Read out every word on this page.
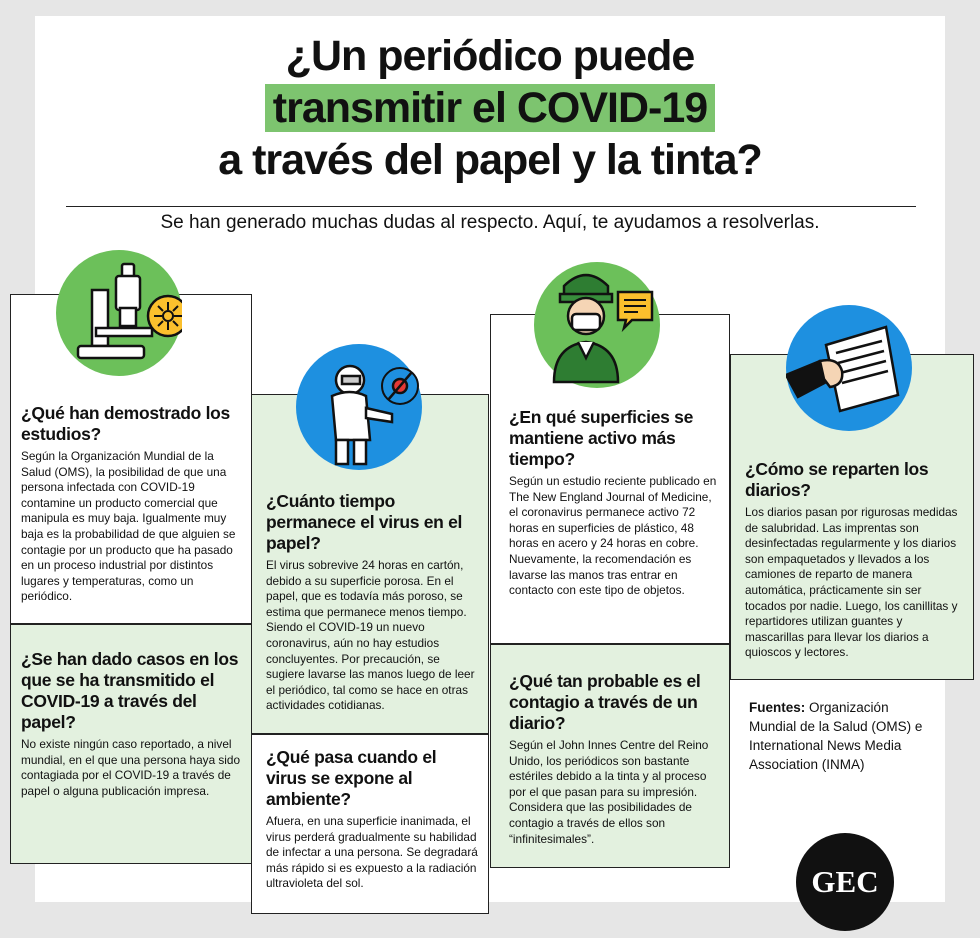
¿Un periódico puede
transmitir el COVID-19
a través del papel y la tinta?
Se han generado muchas dudas al respecto. Aquí, te ayudamos a resolverlas.
¿Qué han demostrado los estudios?

Según la Organización Mundial de la Salud (OMS), la posibilidad de que una persona infectada con COVID-19 contamine un producto comercial que manipula es muy baja. Igualmente muy baja es la probabilidad de que alguien se contagie por un producto que ha pasado en un proceso industrial por distintos lugares y temperaturas, como un periódico.

¿Se han dado casos en los que se ha transmitido el COVID-19 a través del papel?

No existe ningún caso reportado, a nivel mundial, en el que una persona haya sido contagiada por el COVID-19 a través de papel o alguna publicación impresa.

¿Cuánto tiempo permanece el virus en el papel?

El virus sobrevive 24 horas en cartón, debido a su superficie porosa. En el papel, que es todavía más poroso, se estima que permanece menos tiempo. Siendo el COVID-19 un nuevo coronavirus, aún no hay estudios concluyentes. Por precaución, se sugiere lavarse las manos luego de leer el periódico, tal como se hace en otras actividades cotidianas.

¿Qué pasa cuando el virus se expone al ambiente?

Afuera, en una superficie inanimada, el virus perderá gradualmente su habilidad de infectar a una persona. Se degradará más rápido si es expuesto a la radiación ultravioleta del sol.

¿En qué superficies se mantiene activo más tiempo?

Según un estudio reciente publicado en The New England Journal of Medicine, el coronavirus permanece activo 72 horas en superficies de plástico, 48 horas en acero y 24 horas en cobre. Nuevamente, la recomendación es lavarse las manos tras entrar en contacto con este tipo de objetos.

¿Qué tan probable es el contagio a través de un diario?

Según el John Innes Centre del Reino Unido, los periódicos son bastante estériles debido a la tinta y al proceso por el que pasan para su impresión. Considera que las posibilidades de contagio a través de ellos son “infinitesimales”.

¿Cómo se reparten los diarios?

Los diarios pasan por rigurosas medidas de salubridad. Las imprentas son desinfectadas regularmente y los diarios son empaquetados y llevados a los camiones de reparto de manera automática, prácticamente sin ser tocados por nadie. Luego, los canillitas y repartidores utilizan guantes y mascarillas para llevar los diarios a quioscos y lectores.

Fuentes: Organización Mundial de la Salud (OMS) e International News Media Association (INMA)
GEC
